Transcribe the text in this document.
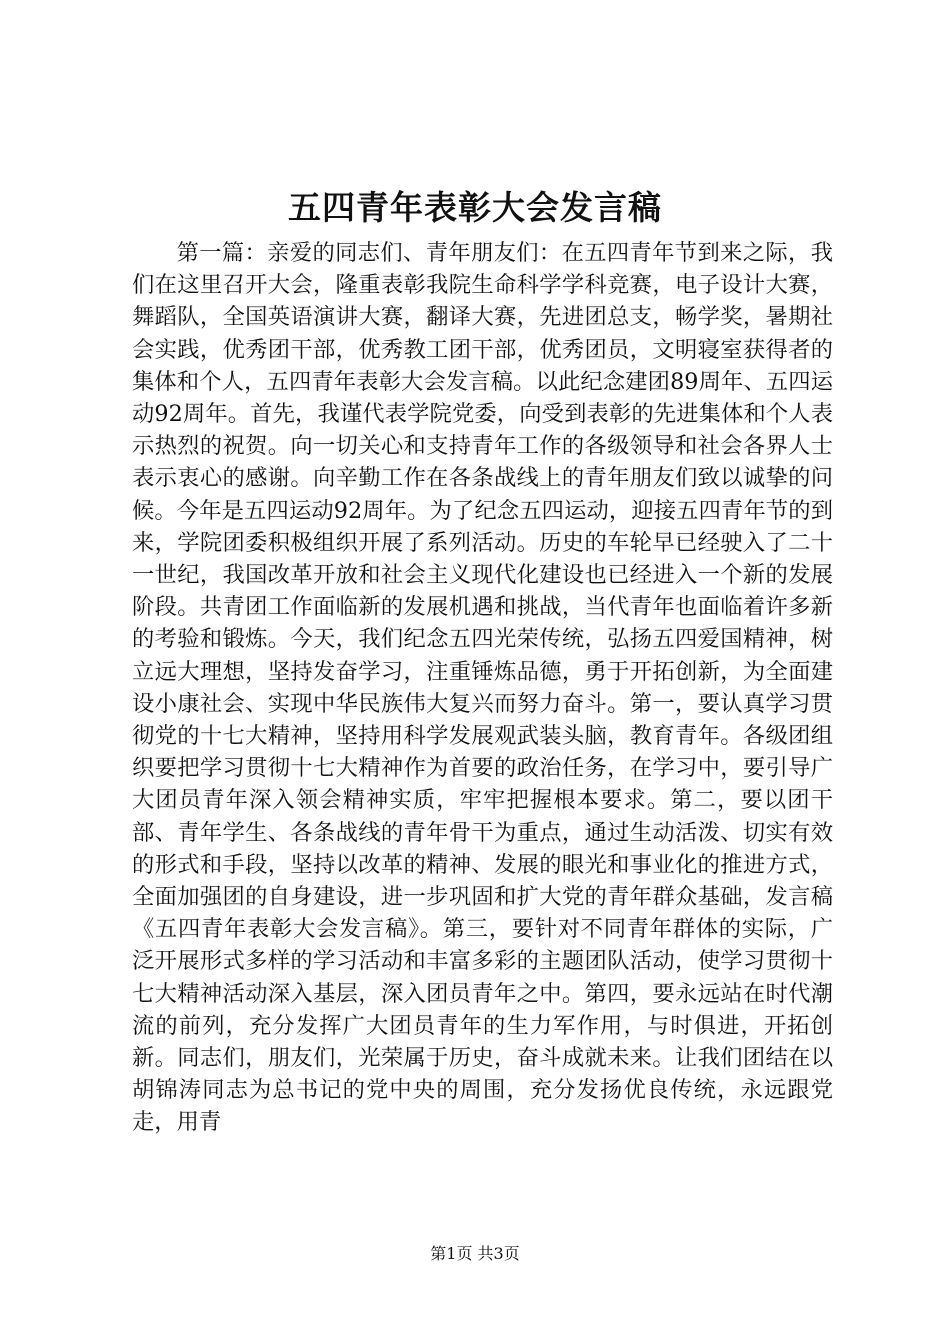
五四青年表彰大会发言稿

第一篇：亲爱的同志们、青年朋友们：在五四青年节到来之际，我们在这里召开大会，隆重表彰我院生命科学学科竞赛，电子设计大赛，舞蹈队，全国英语演讲大赛，翻译大赛，先进团总支，畅学奖，暑期社会实践，优秀团干部，优秀教工团干部，优秀团员，文明寝室获得者的集体和个人，五四青年表彰大会发言稿。以此纪念建团89周年、五四运动92周年。首先，我谨代表学院党委，向受到表彰的先进集体和个人表示热烈的祝贺。向一切关心和支持青年工作的各级领导和社会各界人士表示衷心的感谢。向辛勤工作在各条战线上的青年朋友们致以诚挚的问候。今年是五四运动92周年。为了纪念五四运动，迎接五四青年节的到来，学院团委积极组织开展了系列活动。历史的车轮早已经驶入了二十一世纪，我国改革开放和社会主义现代化建设也已经进入一个新的发展阶段。共青团工作面临新的发展机遇和挑战，当代青年也面临着许多新的考验和锻炼。今天，我们纪念五四光荣传统，弘扬五四爱国精神，树立远大理想，坚持发奋学习，注重锤炼品德，勇于开拓创新，为全面建设小康社会、实现中华民族伟大复兴而努力奋斗。第一，要认真学习贯彻党的十七大精神，坚持用科学发展观武装头脑，教育青年。各级团组织要把学习贯彻十七大精神作为首要的政治任务，在学习中，要引导广大团员青年深入领会精神实质，牢牢把握根本要求。第二，要以团干部、青年学生、各条战线的青年骨干为重点，通过生动活泼、切实有效的形式和手段，坚持以改革的精神、发展的眼光和事业化的推进方式，全面加强团的自身建设，进一步巩固和扩大党的青年群众基础，发言稿《五四青年表彰大会发言稿》。第三，要针对不同青年群体的实际，广泛开展形式多样的学习活动和丰富多彩的主题团队活动，使学习贯彻十七大精神活动深入基层，深入团员青年之中。第四，要永远站在时代潮流的前列，充分发挥广大团员青年的生力军作用，与时俱进，开拓创新。同志们，朋友们，光荣属于历史，奋斗成就未来。让我们团结在以胡锦涛同志为总书记的党中央的周围，充分发扬优良传统，永远跟党走，用青

第1页 共3页
